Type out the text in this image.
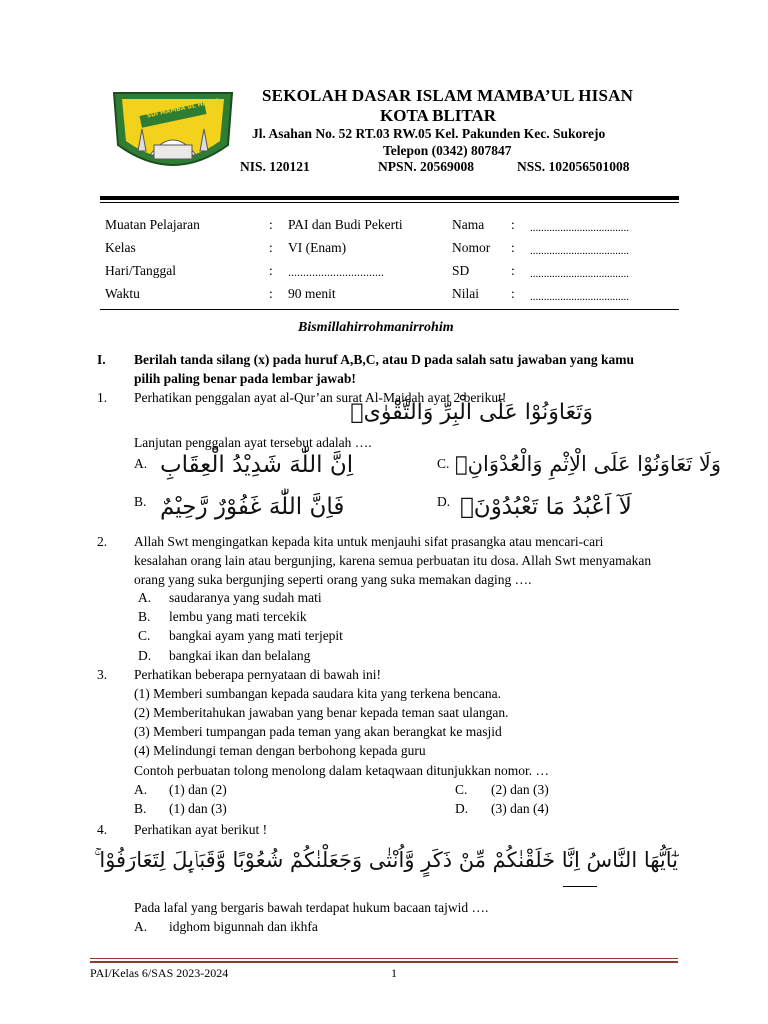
SDI MAMBA'UL HISAN
SEKOLAH DASAR ISLAM MAMBA’UL HISAN
KOTA BLITAR
Jl. Asahan No. 52 RT.03 RW.05 Kel. Pakunden Kec. Sukorejo
Telepon (0342) 807847
NIS. 120121	NPSN. 20569008	NSS. 102056501008
Muatan Pelajaran	: PAI dan Budi Pekerti
Kelas	: VI (Enam)
Hari/Tanggal	: ................................
Waktu	: 90 menit
Nama : ....................................
Nomor : ....................................
SD	: ....................................
Nilai : ....................................
Bismillahirrohmanirrohim
I. Berilah tanda silang (x) pada huruf A,B,C, atau D pada salah satu jawaban yang kamu
pilih paling benar pada lembar jawab!
1. Perhatikan penggalan ayat al-Qur’an surat Al-Maidah ayat 2 berikut!
وَتَعَاوَنُوْا عَلَى الْبِرِّ وَالتَّقْوٰىۖ
Lanjutan penggalan ayat tersebut adalah ….
A. اِنَّ اللّٰهَ شَدِيْدُ الْعِقَابِ	C. وَلَا تَعَاوَنُوْا عَلَى الْاِثْمِ وَالْعُدْوَانِۖ
B. فَاِنَّ اللّٰهَ غَفُوْرٌ رَّحِيْمٌ	D. لَآ اَعْبُدُ مَا تَعْبُدُوْنَۙ
2. Allah Swt mengingatkan kepada kita untuk menjauhi sifat prasangka atau mencari-cari
kesalahan orang lain atau bergunjing, karena semua perbuatan itu dosa. Allah Swt menyamakan
orang yang suka bergunjing seperti orang yang suka memakan daging ….
A. saudaranya yang sudah mati
B. lembu yang mati tercekik
C. bangkai ayam yang mati terjepit
D. bangkai ikan dan belalang
3. Perhatikan beberapa pernyataan di bawah ini!
(1) Memberi sumbangan kepada saudara kita yang terkena bencana.
(2) Memberitahukan jawaban yang benar kepada teman saat ulangan.
(3) Memberi tumpangan pada teman yang akan berangkat ke masjid
(4) Melindungi teman dengan berbohong kepada guru
Contoh perbuatan tolong menolong dalam ketaqwaan ditunjukkan nomor. …
A. (1) dan (2)
B. (1) dan (3)
C. (2) dan (3)
D. (3) dan (4)
4. Perhatikan ayat berikut !
يٰٓاَيُّهَا النَّاسُ اِنَّا خَلَقْنٰكُمْ مِّنْ ذَكَرٍ وَّاُنْثٰى وَجَعَلْنٰكُمْ شُعُوْبًا وَّقَبَاۤىِٕلَ لِتَعَارَفُوْا ۚ
Pada lafal yang bergaris bawah terdapat hukum bacaan tajwid ….
A. idghom bigunnah dan ikhfa
PAI/Kelas 6/SAS 2023-2024	1
